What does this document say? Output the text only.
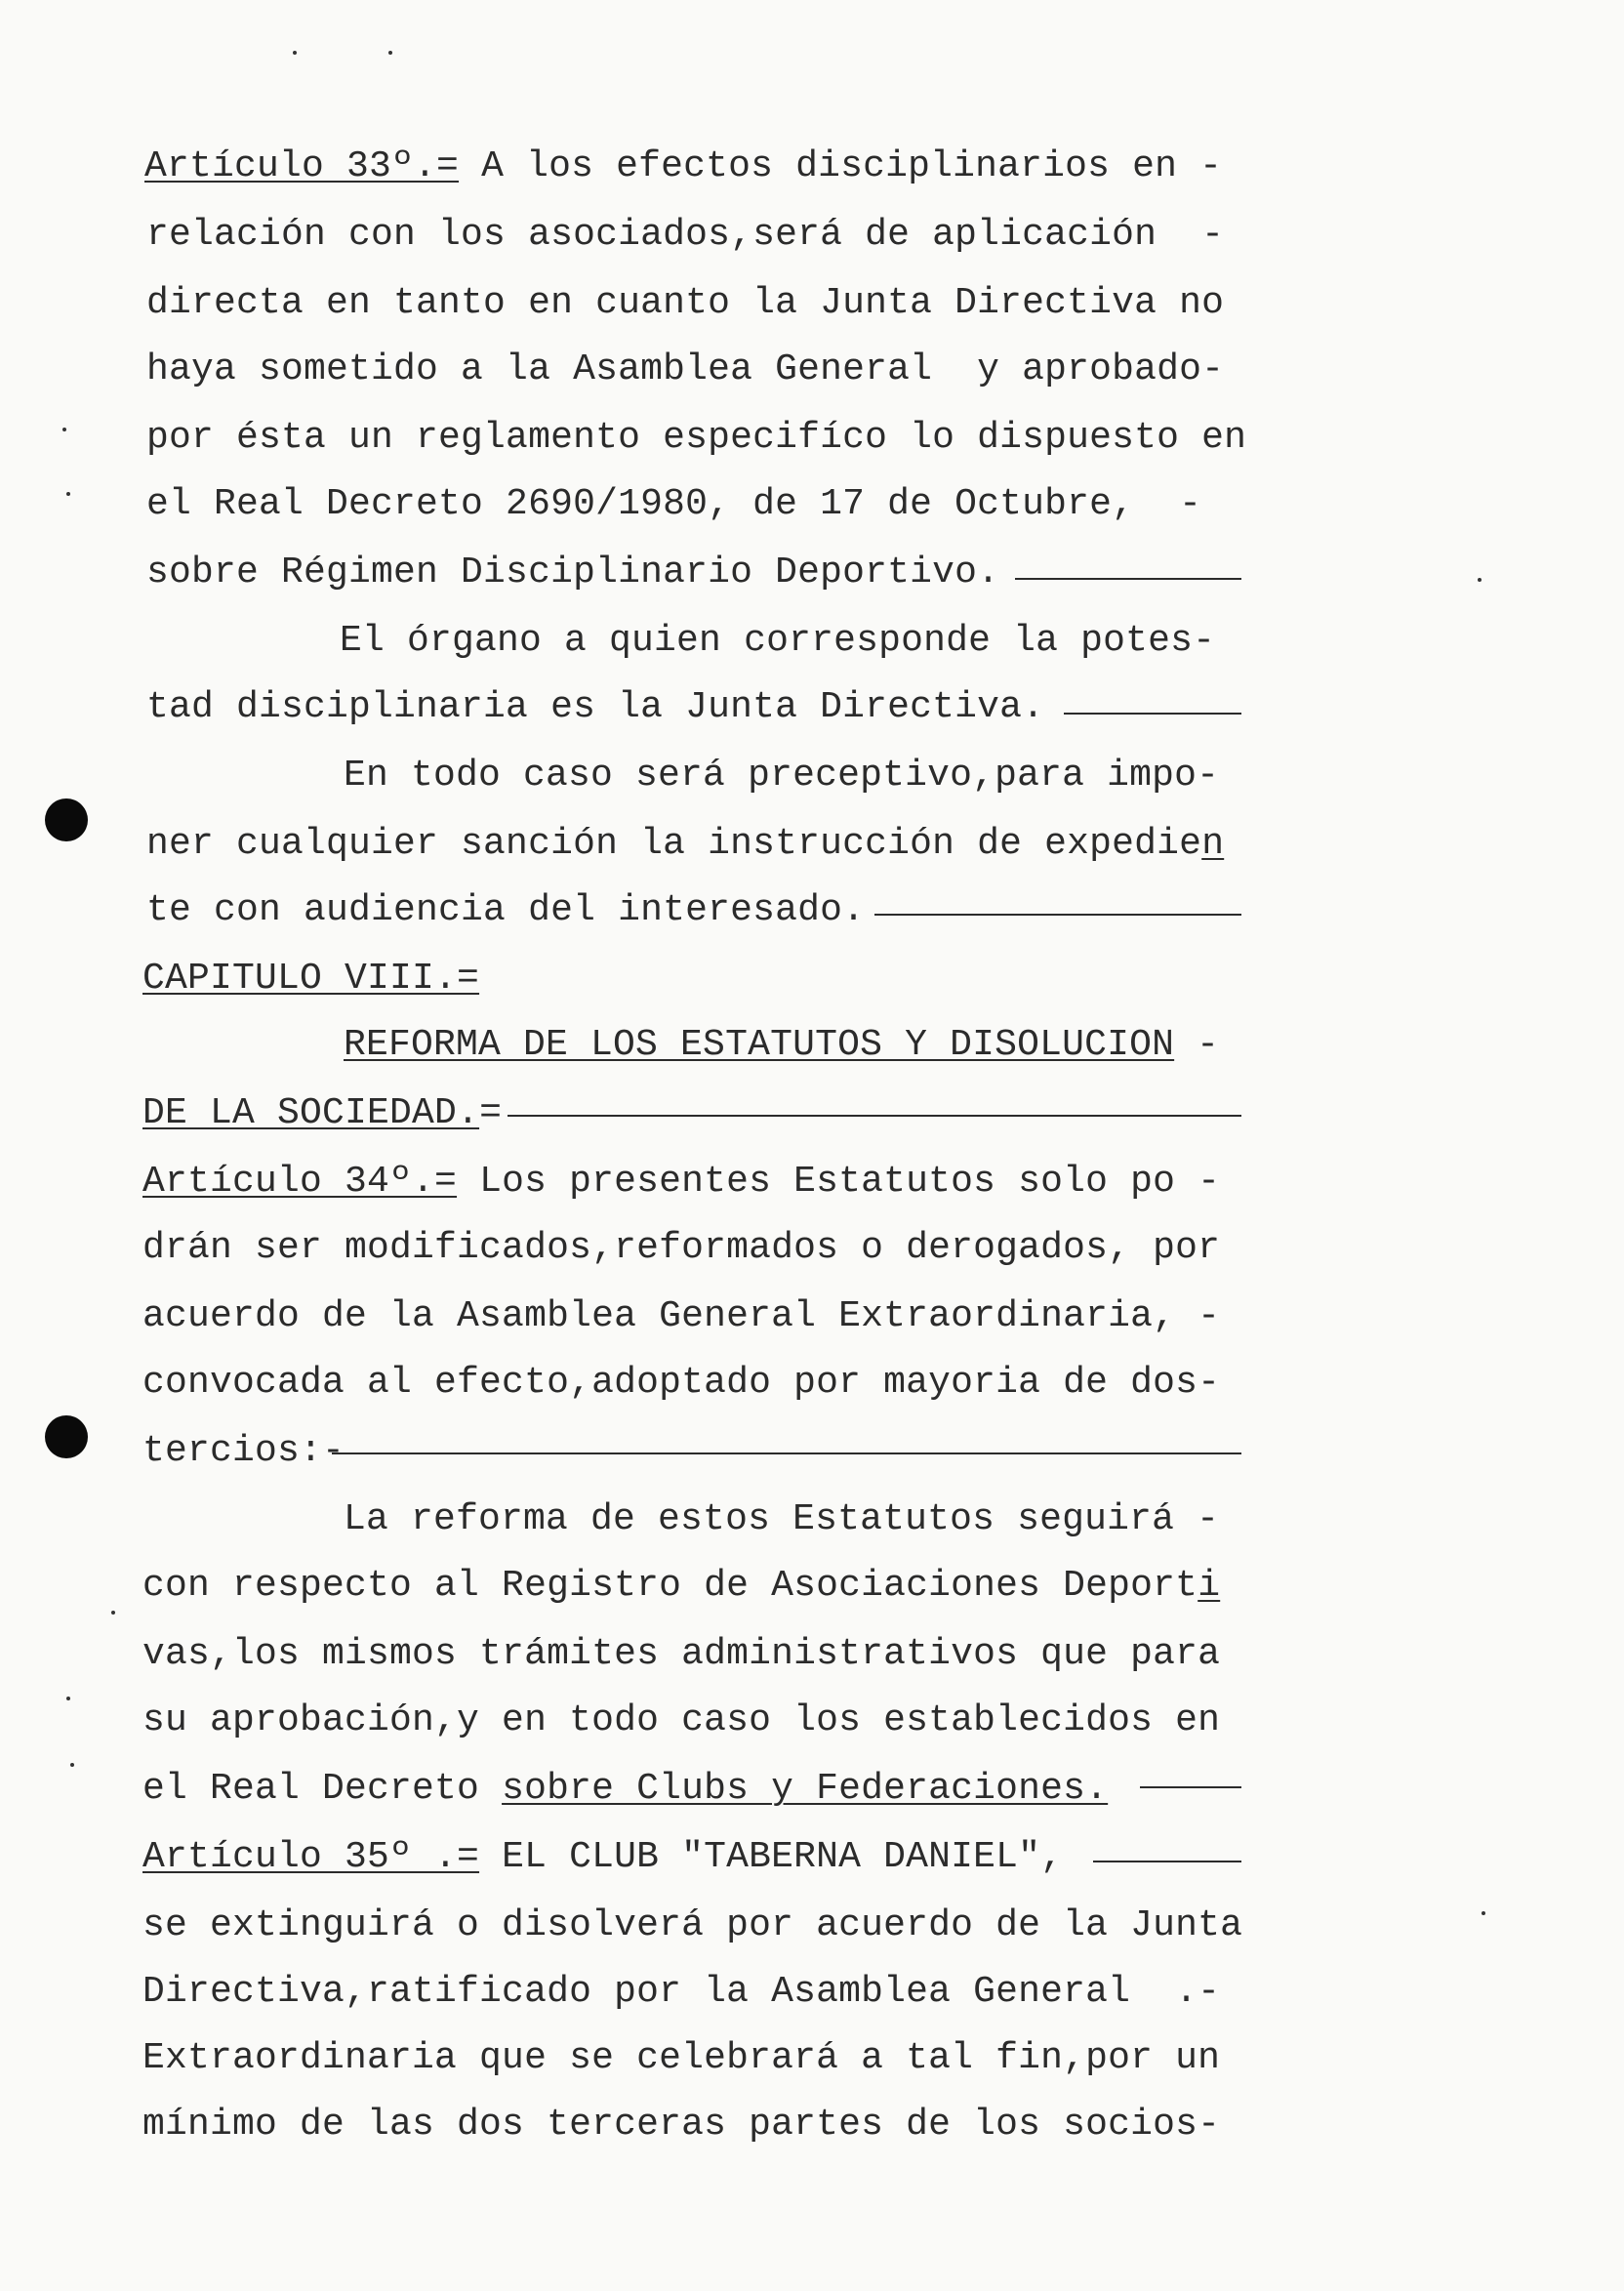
Artículo 33º.= A los efectos disciplinarios en -
relación con los asociados,será de aplicación  -
directa en tanto en cuanto la Junta Directiva no
haya sometido a la Asamblea General  y aprobado-
por ésta un reglamento especifíco lo dispuesto en
el Real Decreto 2690/1980, de 17 de Octubre,  -
sobre Régimen Disciplinario Deportivo.
El órgano a quien corresponde la potes-
tad disciplinaria es la Junta Directiva.
En todo caso será preceptivo,para impo-
ner cualquier sanción la instrucción de expedien
te con audiencia del interesado.
CAPITULO VIII.=
REFORMA DE LOS ESTATUTOS Y DISOLUCION -
DE LA SOCIEDAD.=
Artículo 34º.= Los presentes Estatutos solo po -
drán ser modificados,reformados o derogados, por
acuerdo de la Asamblea General Extraordinaria, -
convocada al efecto,adoptado por mayoria de dos-
tercios:-
La reforma de estos Estatutos seguirá -
con respecto al Registro de Asociaciones Deporti
vas,los mismos trámites administrativos que para
su aprobación,y en todo caso los establecidos en
el Real Decreto sobre Clubs y Federaciones.
Artículo 35º .= EL CLUB "TABERNA DANIEL",
se extinguirá o disolverá por acuerdo de la Junta
Directiva,ratificado por la Asamblea General  .-
Extraordinaria que se celebrará a tal fin,por un
mínimo de las dos terceras partes de los socios-
